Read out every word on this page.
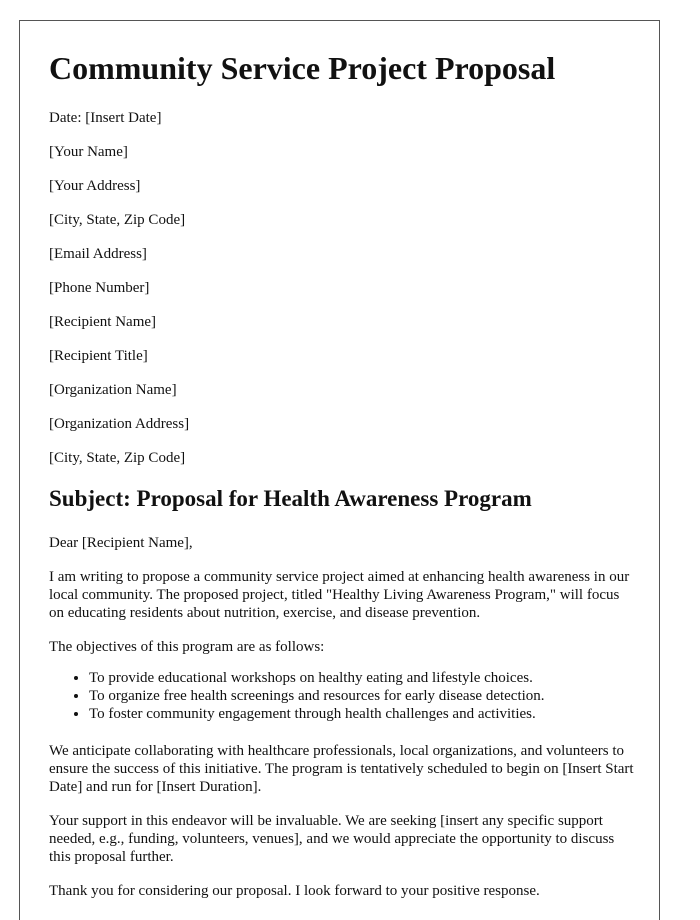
Community Service Project Proposal

Date: [Insert Date]

[Your Name]

[Your Address]

[City, State, Zip Code]

[Email Address]

[Phone Number]

[Recipient Name]

[Recipient Title]

[Organization Name]

[Organization Address]

[City, State, Zip Code]

Subject: Proposal for Health Awareness Program

Dear [Recipient Name],

I am writing to propose a community service project aimed at enhancing health awareness in our local community. The proposed project, titled "Healthy Living Awareness Program," will focus on educating residents about nutrition, exercise, and disease prevention.

The objectives of this program are as follows:

• To provide educational workshops on healthy eating and lifestyle choices.
• To organize free health screenings and resources for early disease detection.
• To foster community engagement through health challenges and activities.

We anticipate collaborating with healthcare professionals, local organizations, and volunteers to ensure the success of this initiative. The program is tentatively scheduled to begin on [Insert Start Date] and run for [Insert Duration].

Your support in this endeavor will be invaluable. We are seeking [insert any specific support needed, e.g., funding, volunteers, venues], and we would appreciate the opportunity to discuss this proposal further.

Thank you for considering our proposal. I look forward to your positive response.
